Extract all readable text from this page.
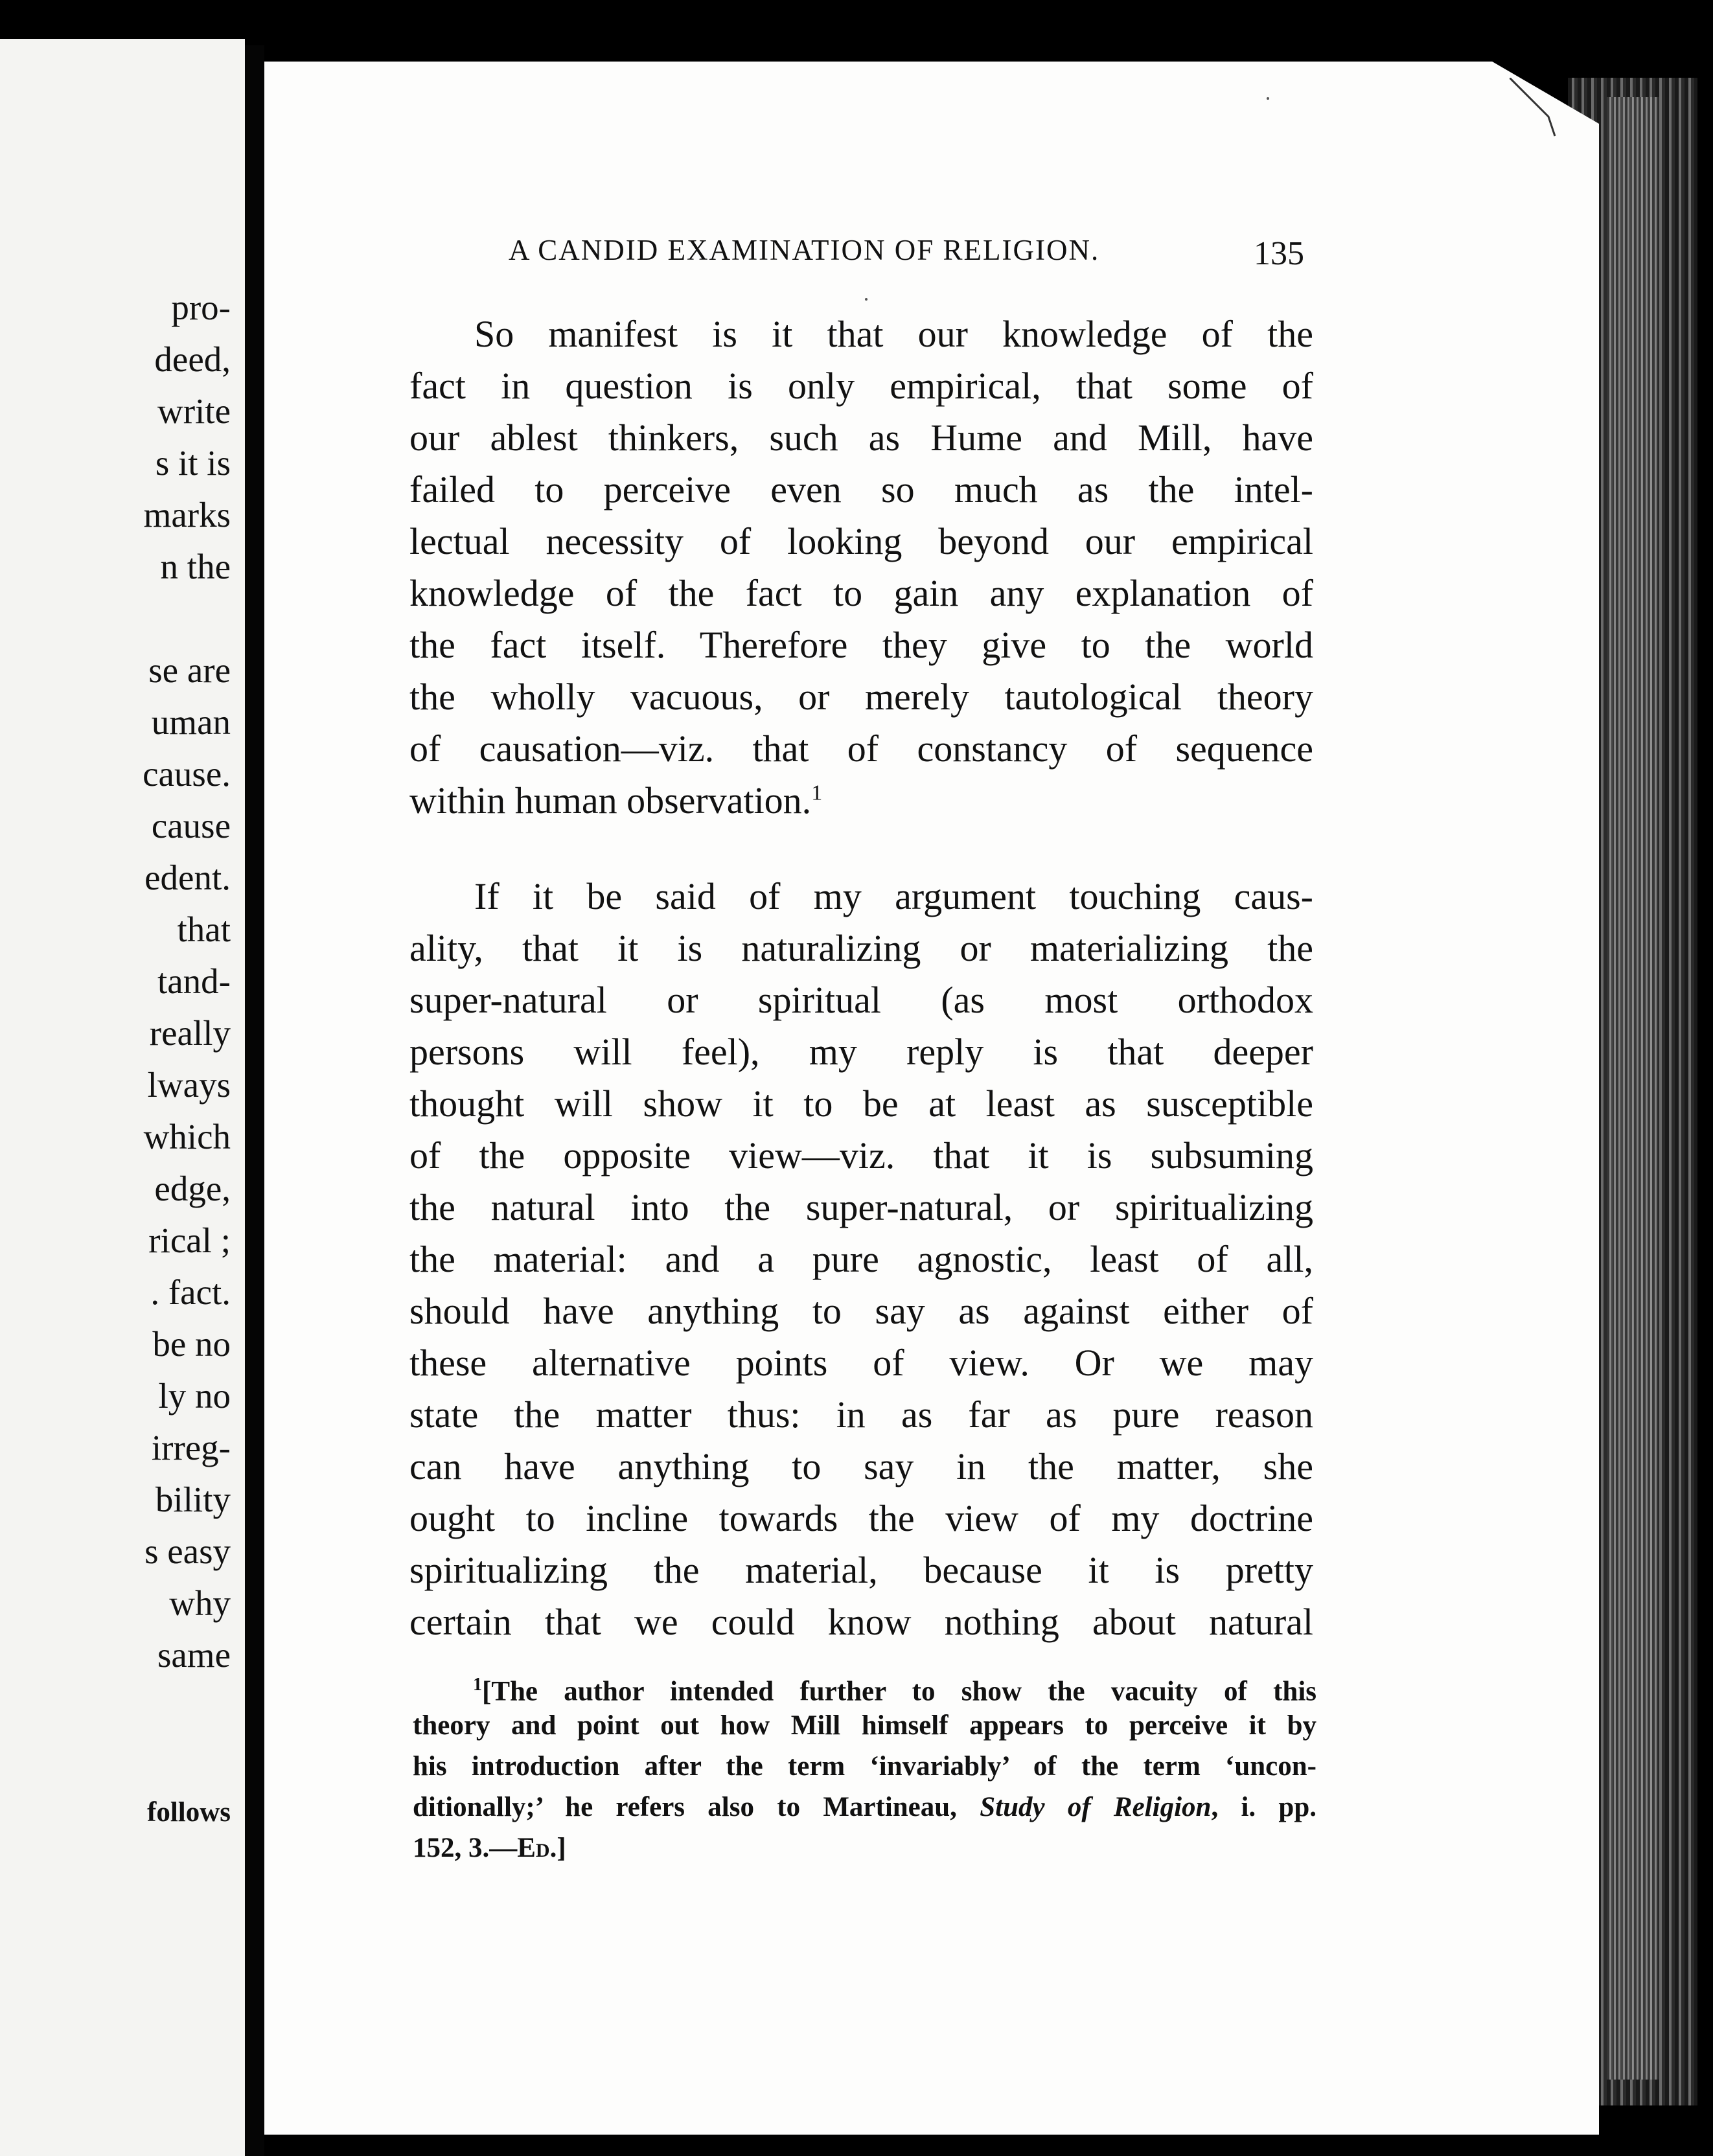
pro-
deed,
write
s it is
marks
n the
se are
uman
cause.
cause
edent.
that
tand-
really
lways
which
edge,
rical ;
. fact.
be no
ly no
irreg-
bility
s easy
why
same
follows
A CANDID EXAMINATION OF RELIGION.	135
So manifest is it that our knowledge of the
fact in question is only empirical, that some of
our ablest thinkers, such as Hume and Mill, have
failed to perceive even so much as the intel-
lectual necessity of looking beyond our empirical
knowledge of the fact to gain any explanation of
the fact itself. Therefore they give to the world
the wholly vacuous, or merely tautological theory
of causation—viz. that of constancy of sequence
within human observation.$^1$
If it be said of my argument touching caus-
ality, that it is naturalizing or materializing the
super-natural or spiritual (as most orthodox
persons will feel), my reply is that deeper
thought will show it to be at least as susceptible
of the opposite view—viz. that it is subsuming
the natural into the super-natural, or spiritualizing
the material: and a pure agnostic, least of all,
should have anything to say as against either of
these alternative points of view. Or we may
state the matter thus: in as far as pure reason
can have anything to say in the matter, she
ought to incline towards the view of my doctrine
spiritualizing the material, because it is pretty
certain that we could know nothing about natural
$^1$[The author intended further to show the vacuity of this
theory and point out how Mill himself appears to perceive it by
his introduction after the term ‘invariably’ of the term ‘uncon-
ditionally;’ he refers also to Martineau, Study of Religion, i. pp.
152, 3.—Ed.]
